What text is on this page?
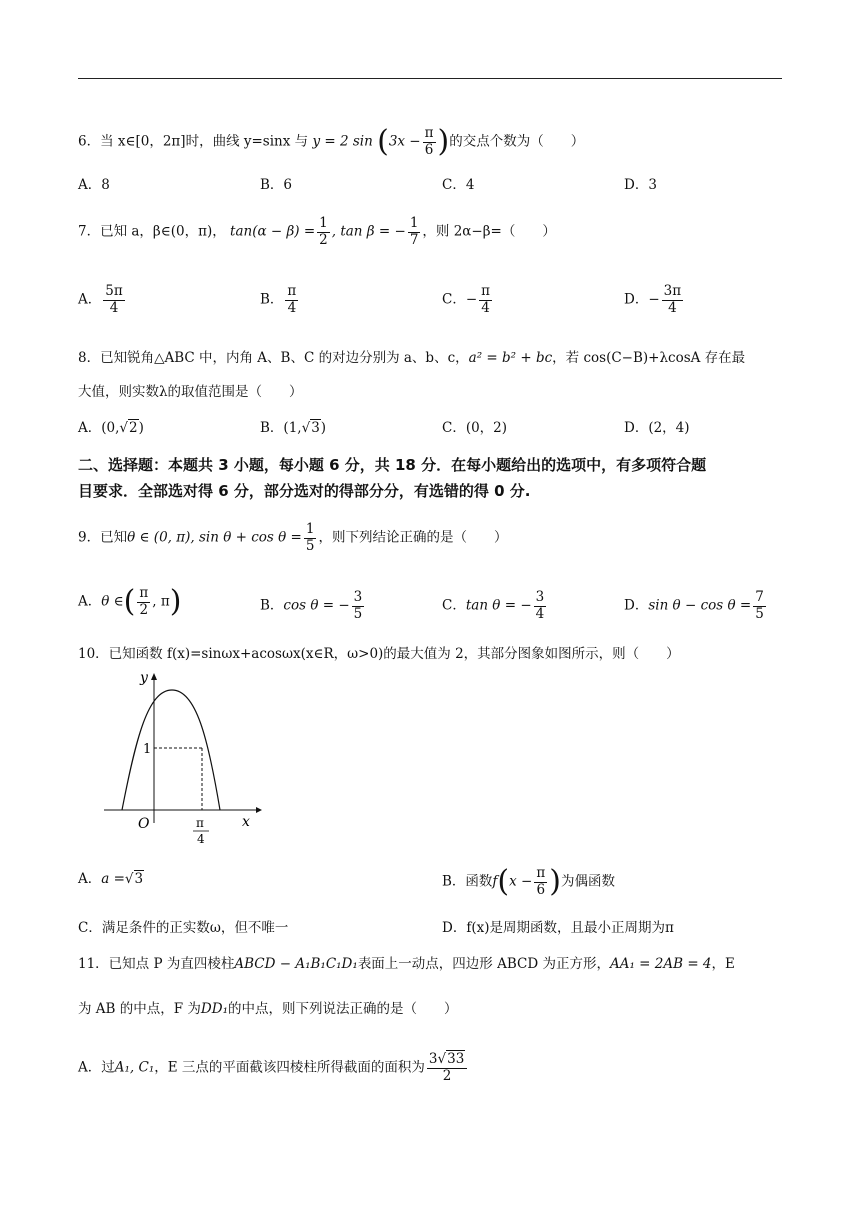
6．当 x∈[0，2π]时，曲线 y=sinx 与 y = 2 $\sin (3x - \frac{\pi}{6}$ )的交点个数为（　　）
A．8	B．6	C．4	D．3
7．已知 a，β∈(0，π)， $\tan(\alpha - \beta) = \frac{1}{2}$ , tan β = − $\frac{1}{7}$ ，则 2α−β=（　　）
A． $\frac{5\pi}{4}$	B． $\frac{\pi}{4}$	C．− $\frac{\pi}{4}$	D．− $\frac{3\pi}{4}$
8．已知锐角△ABC 中，内角 A、B、C 的对边分别为 a、b、c，a² = b² + bc，若 cos(C−B)+λcosA 存在最
大值，则实数λ的取值范围是（　　）
A．(0,√2)	B．(1,√3)	C．(0，2)	D．(2，4)
二、选择题：本题共 3 小题，每小题 6 分，共 18 分．在每小题给出的选项中，有多项符合题
目要求．全部选对得 6 分，部分选对的得部分分，有选错的得 0 分.
9．已知θ ∈ (0, π), $\sin \theta + \cos \theta = \frac{1}{5}$ ，则下列结论正确的是（　　）
A．θ ∈( $\frac{\pi}{2}$ , π)	B．cos θ = − $\frac{3}{5}$	C．tan θ = − $\frac{3}{4}$	D．$\sin \theta - \cos \theta = \frac{7}{5}$
10．已知函数 f(x)=sinωx+acosωx(x∈R，ω>0)的最大值为 2，其部分图象如图所示，则（　　）
y
x
O
1
π
4
A．a =√3	B．函数$f(x - \frac{\pi}{6}$ )为偶函数
C．满足条件的正实数ω，但不唯一	D．f(x)是周期函数，且最小正周期为π
11．已知点 P 为直四棱柱ABCD − A₁B₁C₁D₁表面上一动点，四边形 ABCD 为正方形，AA₁ = 2AB = 4，E
为 AB 的中点，F 为DD₁的中点，则下列说法正确的是（　　）
A．过A₁, C₁，E 三点的平面截该四棱柱所得截面的面积为 $\frac{3√33}{2}$
